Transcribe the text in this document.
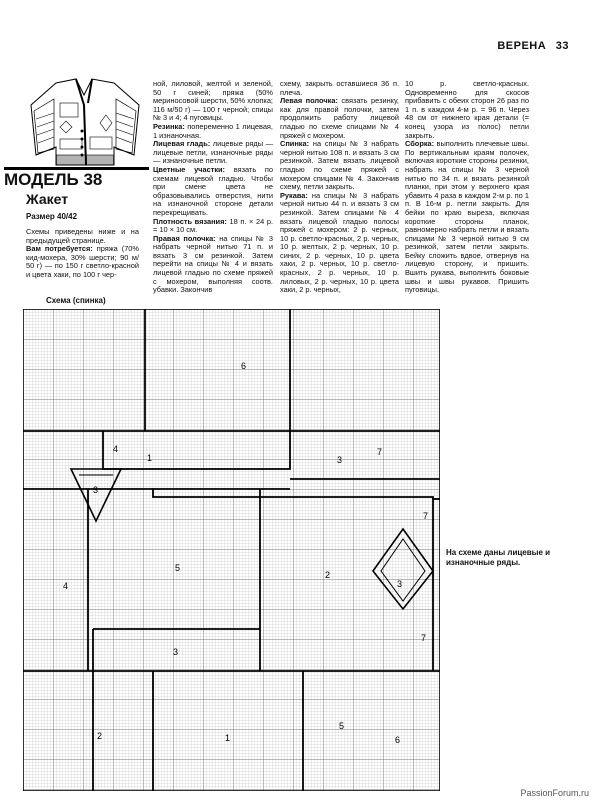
ВЕРЕНА 33
МОДЕЛЬ 38
Жакет
Размер 40/42

Схемы приведены ниже и на предыдущей странице.

Вам потребуется: пряжа (70% кид-мохера, 30% шерсти; 90 м/ 50 г) — по 150 г светло-красной и цвета хаки, по 100 г чер-

ной, лиловой, желтой и зеленой, 50 г синей; пряжа (50% мериносовой шерсти, 50% хлопка; 116 м/50 г) — 100 г черной; спицы № 3 и 4; 4 пуговицы.

Резинка: попеременно 1 лицевая, 1 изнаночная.

Лицевая гладь: лицевые ряды — лицевые петли, изнаночные ряды — изнаночные петли.

Цветные участки: вязать по схемам лицевой гладью. Чтобы при смене цвета не образовывались отверстия, нити на изнаночной стороне детали перекрещивать.

Плотность вязания: 18 п. × 24 р. = 10 × 10 см.

Правая полочка: на спицы № 3 набрать черной нитью 71 п. и вязать 3 см резинкой. Затем перейти на спицы № 4 и вязать лицевой гладью по схеме пряжей с мохером, выполняя соотв. убавки. Закончив

схему, закрыть оставшиеся 36 п. плеча.

Левая полочка: связать резинку, как для правой полочки, затем продолжить работу лицевой гладью по схеме спицами № 4 пряжей с мохером.

Спинка: на спицы № 3 набрать черной нитью 108 п. и вязать 3 см резинкой. Затем вязать лицевой гладью по схеме пряжей с мохером спицами № 4. Закончив схему, петли закрыть.

Рукава: на спицы № 3 набрать черной нитью 44 п. и вязать 3 см резинкой. Затем спицами № 4 вязать лицевой гладью полосы пряжей с мохером: 2 р. черных, 10 р. светло-красных, 2 р. черных, 10 р. желтых, 2 р. черных, 10 р. синих, 2 р. черных, 10 р. цвета хаки, 2 р. черных, 10 р. светло-красных, 2 р. черных, 10 р. лиловых, 2 р. черных, 10 р. цвета хаки, 2 р. черных,

10 р. светло-красных. Одновременно для скосов прибавить с обеих сторон 26 раз по 1 п. в каждом 4-м р. = 96 п. Через 48 см от нижнего края детали (= конец узора из полос) петли закрыть.

Сборка: выполнить плечевые швы. По вертикальным краям полочек, включая короткие стороны резинки, набрать на спицы № 3 черной нитью по 34 п. и вязать резинкой планки, при этом у верхнего края убавить 4 раза в каждом 2-м р. по 1 п. В 16-м р. петли закрыть. Для бейки по краю выреза, включая короткие стороны планок, равномерно набрать петли и вязать спицами № 3 черной нитью 9 см резинкой, затем петли закрыть. Бейку сложить вдвое, отвернув на лицевую сторону, и пришить. Вшить рукава, выполнить боковые швы и швы рукавов. Пришить пуговицы.

Схема (спинка)
4
6
7
1	3
3
5
4
2
7
3
7
3
2	1
5
6
На схеме даны лицевые и изнаночные ряды.
PassionForum.ru
